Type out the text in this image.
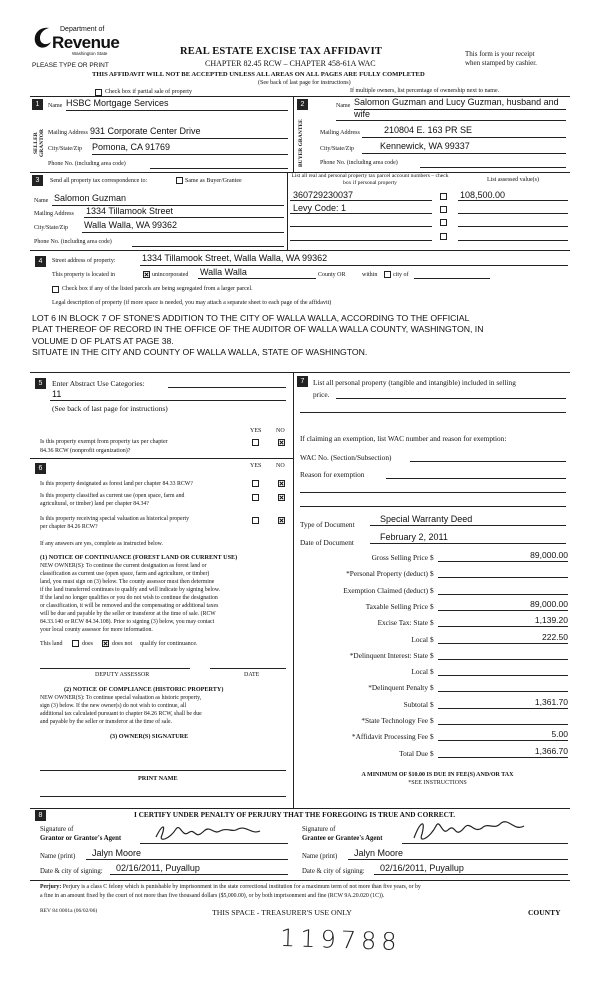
Department of
Revenue
Washington State
PLEASE TYPE OR PRINT
REAL ESTATE EXCISE TAX AFFIDAVIT
CHAPTER 82.45 RCW – CHAPTER 458-61A WAC
This form is your receipt
when stamped by cashier.
THIS AFFIDAVIT WILL NOT BE ACCEPTED UNLESS ALL AREAS ON ALL PAGES ARE FULLY COMPLETED
(See back of last page for instructions)
Check box if partial sale of property	If multiple owners, list percentage of ownership next to name.
1
SELLER GRANTOR
Name HSBC Mortgage Services
Mailing Address 931 Corporate Center Drive
City/State/Zip Pomona, CA 91769
Phone No. (including area code)
2
BUYER GRANTEE
Name Salomon Guzman and Lucy Guzman, husband and
wife
Mailing Address	210804 E. 163 PR SE
City/State/Zip	Kennewick, WA 99337
Phone No. (including area code)
3	Send all property tax correspondence to:	Same as Buyer/Grantee
Name Salomon Guzman
Mailing Address 1334 Tillamook Street
City/State/Zip Walla Walla, WA 99362
Phone No. (including area code)
List all real and personal property tax parcel account numbers – check box if personal property	List assessed value(s)
360729230037	108,500.00
Levy Code: 1
4	Street address of property:	1334 Tillamook Street, Walla Walla, WA 99362
This property is located in	unincorporated Walla Walla	County OR	within	city of
Check box if any of the listed parcels are being segregated from a larger parcel.
Legal description of property (if more space is needed, you may attach a separate sheet to each page of the affidavit)
LOT 6 IN BLOCK 7 OF STONE'S ADDITION TO THE CITY OF WALLA WALLA, ACCORDING TO THE OFFICIAL
PLAT THEREOF OF RECORD IN THE OFFICE OF THE AUDITOR OF WALLA WALLA COUNTY, WASHINGTON, IN
VOLUME D OF PLATS AT PAGE 38.
SITUATE IN THE CITY AND COUNTY OF WALLA WALLA, STATE OF WASHINGTON.
5	Enter Abstract Use Categories:
11
(See back of last page for instructions)
YES NO
Is this property exempt from property tax per chapter
84.36 RCW (nonprofit organization)?
6	YES NO
Is this property designated as forest land per chapter 84.33 RCW?
Is this property classified as current use (open space, farm and
agricultural, or timber) land per chapter 84.34?
Is this property receiving special valuation as historical property
per chapter 84.26 RCW?
If any answers are yes, complete as instructed below.
(1) NOTICE OF CONTINUANCE (FOREST LAND OR CURRENT USE)
NEW OWNER(S): To continue the current designation as forest land or
classification as current use (open space, farm and agriculture, or timber)
land, you must sign on (3) below. The county assessor must then determine
if the land transferred continues to qualify and will indicate by signing below.
If the land no longer qualifies or you do not wish to continue the designation
or classification, it will be removed and the compensating or additional taxes
will be due and payable by the seller or transferor at the time of sale. (RCW
84.33.140 or RCW 84.34.108). Prior to signing (3) below, you may contact
your local county assessor for more information.
This land	does	does not qualify for continuance.
DEPUTY ASSESSOR	DATE
(2) NOTICE OF COMPLIANCE (HISTORIC PROPERTY)
NEW OWNER(S): To continue special valuation as historic property,
sign (3) below. If the new owner(s) do not wish to continue, all
additional tax calculated pursuant to chapter 84.26 RCW, shall be due
and payable by the seller or transferor at the time of sale.
(3) OWNER(S) SIGNATURE
PRINT NAME
7	List all personal property (tangible and intangible) included in selling
price.
If claiming an exemption, list WAC number and reason for exemption:
WAC No. (Section/Subsection)
Reason for exemption
Type of Document
Special Warranty Deed
Date of Document
February 2, 2011
Gross Selling Price $	89,000.00
*Personal Property (deduct) $
Exemption Claimed (deduct) $
Taxable Selling Price $	89,000.00
Excise Tax: State $	1,139.20
Local $	222.50
*Delinquent Interest: State $
Local $
*Delinquent Penalty $
Subtotal $	1,361.70
*State Technology Fee $
*Affidavit Processing Fee $	5.00
Total Due $	1,366.70
A MINIMUM OF $10.00 IS DUE IN FEE(S) AND/OR TAX
*SEE INSTRUCTIONS
8	I CERTIFY UNDER PENALTY OF PERJURY THAT THE FOREGOING IS TRUE AND CORRECT.
Signature of
Grantor or Grantor's Agent
Name (print) Jalyn Moore
Date & city of signing: 02/16/2011, Puyallup
Signature of
Grantee or Grantee's Agent
Name (print) Jalyn Moore
Date & city of signing: 02/16/2011, Puyallup
Perjury: Perjury is a class C felony which is punishable by imprisonment in the state correctional institution for a maximum term of not more than five years, or by
a fine in an amount fixed by the court of not more than five thousand dollars ($5,000.00), or by both imprisonment and fine (RCW 9A.20.020 (1C)).
REV 84 0001a (06/02/06)	THIS SPACE - TREASURER'S USE ONLY	COUNTY
119788
